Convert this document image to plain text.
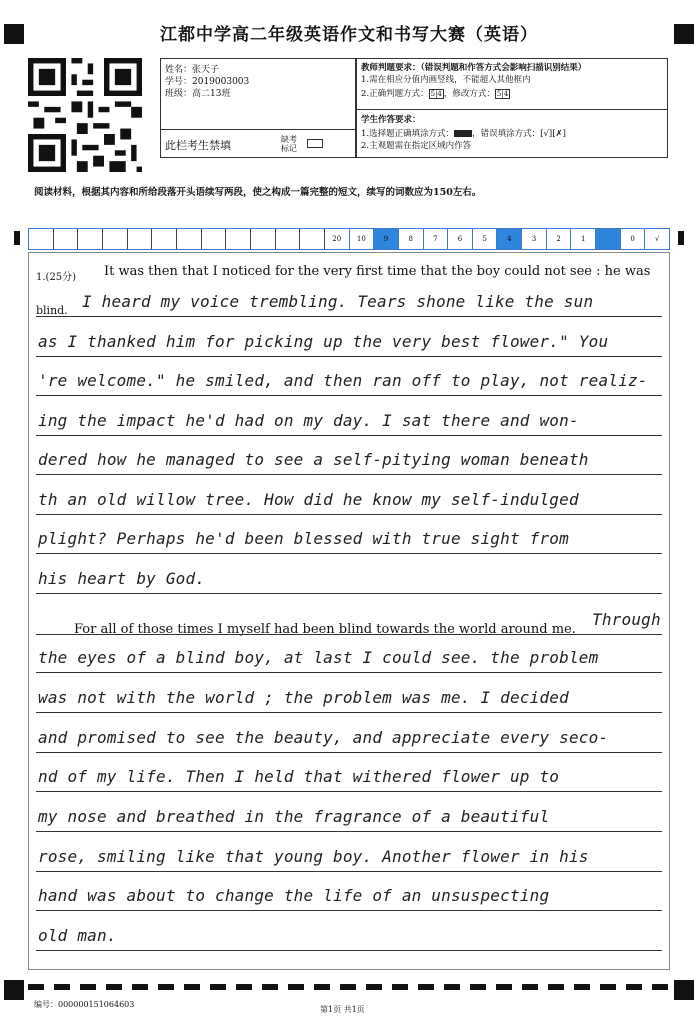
江都中学高二年级英语作文和书写大赛（英语）
姓名：张天子
学号：2019003003
班级：高二13班
此栏考生禁填	缺考标记
教师判题要求：（错误判题和作答方式会影响扫描识别结果）
1.需在相应分值内画竖线，不能超入其他框内
2.正确判题方式： 5|4 ，修改方式： 5|4
学生作答要求：
1.选择题正确填涂方式： ，错误填涂方式：[√][✗]
2.主观题需在指定区域内作答
阅读材料，根据其内容和所给段落开头语续写两段，使之构成一篇完整的短文，续写的词数应为150左右。
20	10	9	8	7	6	5	4	3	2	1	0	√
1.(25分) It was then that I noticed for the very first time that the boy could not see : he was
blind.
For all of those times I myself had been blind towards the world around me.
I heard my voice trembling. Tears shone like the sun
as I thanked him for picking up the very best flower." You
're welcome." he smiled, and then ran off to play, not realiz-
ing the impact he'd had on my day. I sat there and won-
dered how he managed to see a self-pitying woman beneath
th an old willow tree. How did he know my self-indulged
plight? Perhaps he'd been blessed with true sight from
his heart by God.
Through
the eyes of a blind boy, at last I could see. the problem
was not with the world ; the problem was me. I decided
and promised to see the beauty, and appreciate every seco-
nd of my life. Then I held that withered flower up to
my nose and breathed in the fragrance of a beautiful
rose, smiling like that young boy. Another flower in his
hand was about to change the life of an unsuspecting
old man.
编号：000000151064603
第1页 共1页
